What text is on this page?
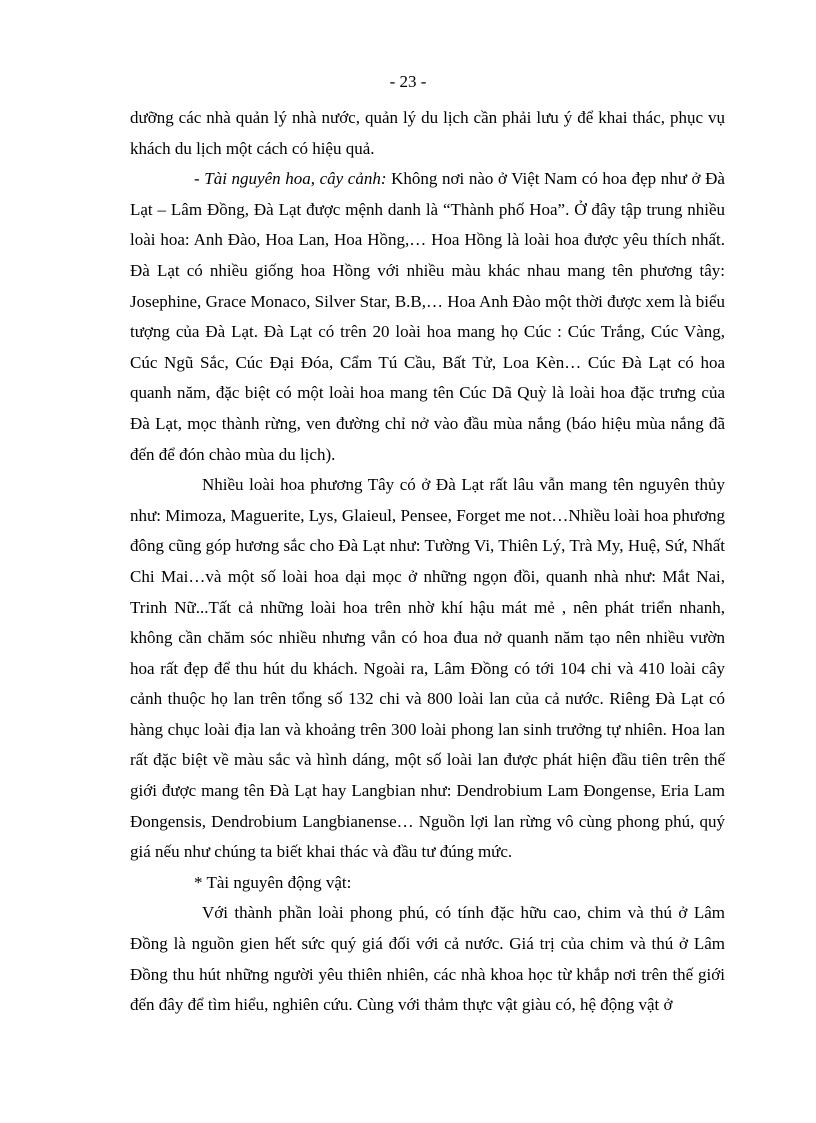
- 23 -

dưỡng các nhà quản lý nhà nước, quản lý du lịch cần phải lưu ý để khai thác, phục vụ khách du lịch một cách có hiệu quả.

- Tài nguyên hoa, cây cảnh: Không nơi nào ở Việt Nam có hoa đẹp như ở Đà Lạt – Lâm Đồng, Đà Lạt được mệnh danh là “Thành phố Hoa”. Ở đây tập trung nhiều loài hoa: Anh Đào, Hoa Lan, Hoa Hồng,… Hoa Hồng là loài hoa được yêu thích nhất. Đà Lạt có nhiều giống hoa Hồng với nhiều màu khác nhau mang tên phương tây: Josephine, Grace Monaco, Silver Star, B.B,… Hoa Anh Đào một thời được xem là biểu tượng của Đà Lạt. Đà Lạt có trên 20 loài hoa mang họ Cúc : Cúc Trắng, Cúc Vàng, Cúc Ngũ Sắc, Cúc Đại Đóa, Cẩm Tú Cầu, Bất Tử, Loa Kèn… Cúc Đà Lạt có hoa quanh năm, đặc biệt có một loài hoa mang tên Cúc Dã Quỳ là loài hoa đặc trưng của Đà Lạt, mọc thành rừng, ven đường chỉ nở vào đầu mùa nắng (báo hiệu mùa nắng đã đến để đón chào mùa du lịch).

Nhiều loài hoa phương Tây có ở Đà Lạt rất lâu vẫn mang tên nguyên thủy như: Mimoza, Maguerite, Lys, Glaieul, Pensee, Forget me not…Nhiều loài hoa phương đông cũng góp hương sắc cho Đà Lạt như: Tường Vi, Thiên Lý, Trà My, Huệ, Sứ, Nhất Chi Mai…và một số loài hoa dại mọc ở những ngọn đồi, quanh nhà như: Mắt Nai, Trinh Nữ...Tất cả những loài hoa trên nhờ khí hậu mát mẻ , nên phát triển nhanh, không cần chăm sóc nhiều nhưng vẫn có hoa đua nở quanh năm tạo nên nhiều vườn hoa rất đẹp để thu hút du khách. Ngoài ra, Lâm Đồng có tới 104 chi và 410 loài cây cảnh thuộc họ lan trên tổng số 132 chi và 800 loài lan của cả nước. Riêng Đà Lạt có hàng chục loài địa lan và khoảng trên 300 loài phong lan sinh trưởng tự nhiên. Hoa lan rất đặc biệt về màu sắc và hình dáng, một số loài lan được phát hiện đầu tiên trên thế giới được mang tên Đà Lạt hay Langbian như: Dendrobium Lam Đongense, Eria Lam Đongensis, Dendrobium Langbianense… Nguồn lợi lan rừng vô cùng phong phú, quý giá nếu như chúng ta biết khai thác và đầu tư đúng mức.

* Tài nguyên động vật:

Với thành phần loài phong phú, có tính đặc hữu cao, chim và thú ở Lâm Đồng là nguồn gien hết sức quý giá đối với cả nước. Giá trị của chim và thú ở Lâm Đồng thu hút những người yêu thiên nhiên, các nhà khoa học từ khắp nơi trên thế giới đến đây để tìm hiểu, nghiên cứu. Cùng với thảm thực vật giàu có, hệ động vật ở
